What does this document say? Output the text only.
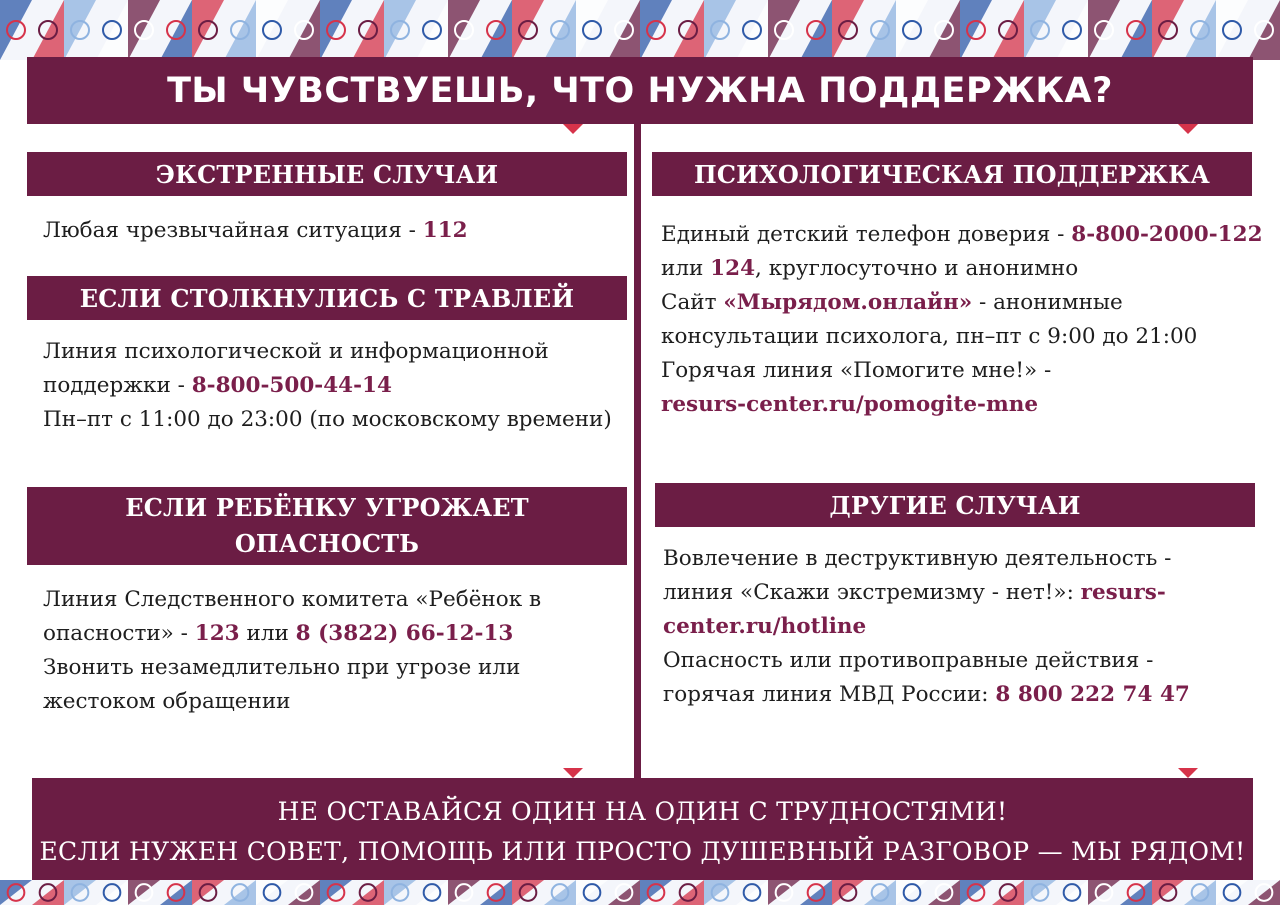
ТЫ ЧУВСТВУЕШЬ, ЧТО НУЖНА ПОДДЕРЖКА?
ЭКСТРЕННЫЕ СЛУЧАИ
Любая чрезвычайная ситуация - 112
ЕСЛИ СТОЛКНУЛИСЬ С ТРАВЛЕЙ
Линия психологической и информационной
поддержки - 8-800-500-44-14
Пн–пт с 11:00 до 23:00 (по московскому времени)
ЕСЛИ РЕБЁНКУ УГРОЖАЕТ
ОПАСНОСТЬ
Линия Следственного комитета «Ребёнок в
опасности» - 123 или 8 (3822) 66-12-13
Звонить незамедлительно при угрозе или
жестоком обращении
ПСИХОЛОГИЧЕСКАЯ ПОДДЕРЖКА
Единый детский телефон доверия - 8-800-2000-122
или 124, круглосуточно и анонимно
Сайт «Мырядом.онлайн» - анонимные
консультации психолога, пн–пт с 9:00 до 21:00
Горячая линия «Помогите мне!» -
resurs-center.ru/pomogite-mne
ДРУГИЕ СЛУЧАИ
Вовлечение в деструктивную деятельность -
линия «Скажи экстремизму - нет!»: resurs-
center.ru/hotline
Опасность или противоправные действия -
горячая линия МВД России: 8 800 222 74 47
НЕ ОСТАВАЙСЯ ОДИН НА ОДИН С ТРУДНОСТЯМИ!
ЕСЛИ НУЖЕН СОВЕТ, ПОМОЩЬ ИЛИ ПРОСТО ДУШЕВНЫЙ РАЗГОВОР — МЫ РЯДОМ!
